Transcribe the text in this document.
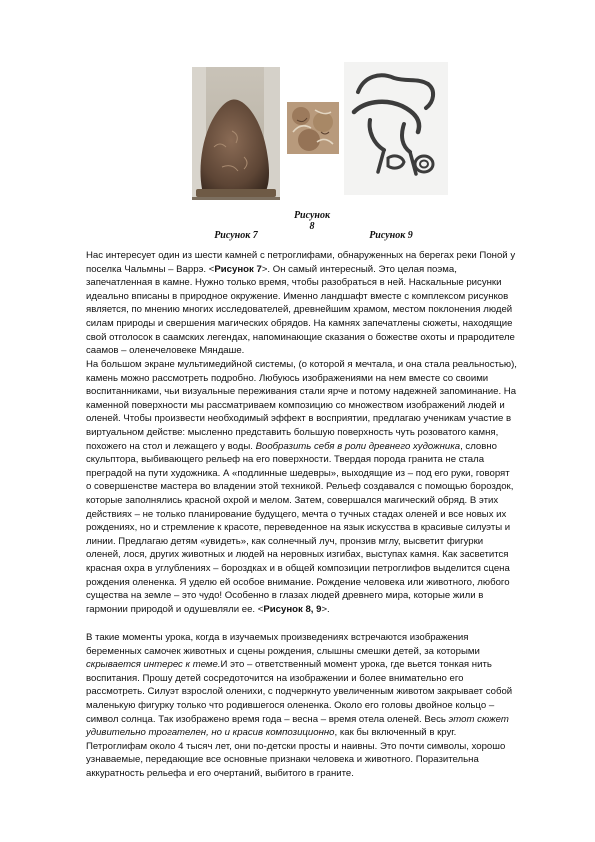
Рисунок
8
Рисунок 7	Рисунок 9

Нас интересует один из шести камней с петроглифами, обнаруженных на берегах реки Поной у поселка Чальмны – Варрэ. <Рисунок 7>. Он самый интересный. Это целая поэма, запечатленная в камне. Нужно только время, чтобы разобраться в ней. Наскальные рисунки идеально вписаны в природное окружение. Именно ландшафт вместе с комплексом рисунков является, по мнению многих исследователей, древнейшим храмом, местом поклонения людей силам природы и свершения магических обрядов. На камнях запечатлены сюжеты, находящие свой отголосок в саамских легендах, напоминающие сказания о божестве охоты и прародителе саамов – оленечеловеке Мяндаше.

На большом экране мультимедийной системы, (о которой я мечтала, и она стала реальностью), камень можно рассмотреть подробно. Любуюсь изображениями на нем вместе со своими воспитанниками, чьи визуальные переживания стали ярче и потому надежней запоминание. На каменной поверхности мы рассматриваем композицию со множеством изображений людей и оленей. Чтобы произвести необходимый эффект в восприятии, предлагаю ученикам участие в виртуальном действе: мысленно представить большую поверхность чуть розоватого камня, похожего на стол и лежащего у воды. Вообразить себя в роли древнего художника, словно скульптора, выбивающего рельеф на его поверхности. Твердая порода гранита не стала преградой на пути художника. А «подлинные шедевры», выходящие из – под его руки, говорят о совершенстве мастера во владении этой техникой. Рельеф создавался с помощью бороздок, которые заполнялись красной охрой и мелом. Затем, совершался магический обряд. В этих действиях – не только планирование будущего, мечта о тучных стадах оленей и все новых их рождениях, но и стремление к красоте, переведенное на язык искусства в красивые силуэты и линии. Предлагаю детям «увидеть», как солнечный луч, пронзив мглу, высветит фигурки оленей, лося, других животных и людей на неровных изгибах, выступах камня. Как засветится красная охра в углублениях – бороздках и в общей композиции петроглифов выделится сцена рождения олененка. Я уделю ей особое внимание. Рождение человека или животного, любого существа на земле – это чудо! Особенно в глазах людей древнего мира, которые жили в гармонии природой и одушевляли ее. <Рисунок 8, 9>.

В такие моменты урока, когда в изучаемых произведениях встречаются изображения беременных самочек животных и сцены рождения, слышны смешки детей, за которыми скрывается интерес к теме.И это – ответственный момент урока, где вьется тонкая нить воспитания. Прошу детей сосредоточится на изображении и более внимательно его рассмотреть. Силуэт взрослой оленихи, с подчеркнуто увеличенным животом закрывает собой маленькую фигурку только что родившегося олененка. Около его головы двойное кольцо – символ солнца. Так изображено время года – весна – время отела оленей. Весь этот сюжет удивительно трогателен, но и красив композиционно, как бы включенный в круг. Петроглифам около 4 тысяч лет, они по-детски просты и наивны. Это почти символы, хорошо узнаваемые, передающие все основные признаки человека и животного. Поразительна аккуратность рельефа и его очертаний, выбитого в граните.
